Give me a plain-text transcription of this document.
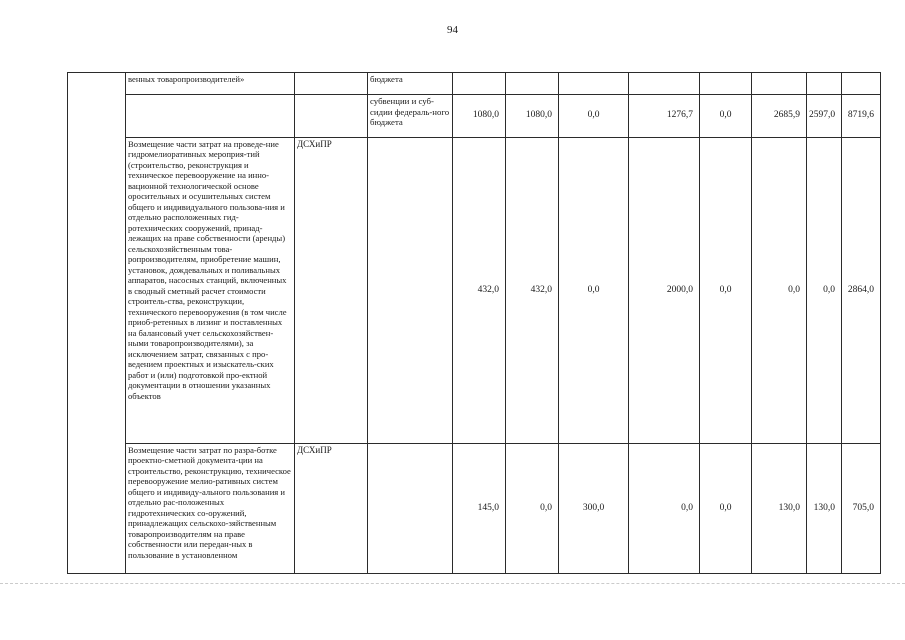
94
	венных товаропроизводителей»		бюджета								
			субвенции и суб-сидии федераль-ного бюджета	1080,0	1080,0	0,0	1276,7	0,0	2685,9	2597,0	8719,6
	Возмещение части затрат на проведе-ние гидромелиоративных мероприя-тий (строительство, реконструкция и техническое перевооружение на инно-вационной технологической основе оросительных и осушительных систем общего и индивидуального пользова-ния и отдельно расположенных гид-ротехнических сооружений, принад-лежащих на праве собственности (аренды) сельскохозяйственным това-ропроизводителям, приобретение машин, установок, дождевальных и поливальных аппаратов, насосных станций, включенных в сводный сметный расчет стоимости строитель-ства, реконструкции, технического перевооружения (в том числе приоб-ретенных в лизинг и поставленных на балансовый учет сельскохозяйствен-ными товаропроизводителями), за исключением затрат, связанных с про-ведением проектных и изыскатель-ских работ и (или) подготовкой про-ектной документации в отношении указанных объектов	ДСХиПР		432,0	432,0	0,0	2000,0	0,0	0,0	0,0	2864,0
	Возмещение части затрат по разра-ботке проектно-сметной документа-ции на строительство, реконструкцию, техническое перевооружение мелио-ративных систем общего и индивиду-ального пользования и отдельно рас-положенных гидротехнических со-оружений, принадлежащих сельскохо-зяйственным товаропроизводителям на праве собственности или передан-ных в пользование в установленном	ДСХиПР		145,0	0,0	300,0	0,0	0,0	130,0	130,0	705,0
